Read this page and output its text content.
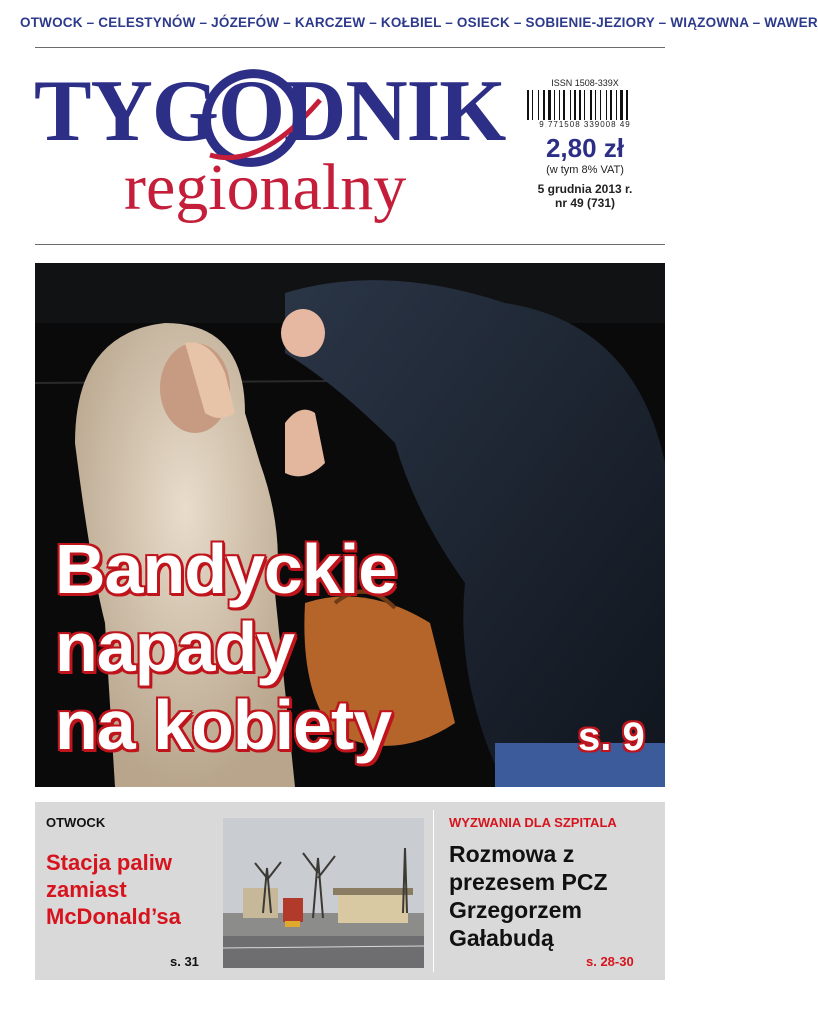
OTWOCK – CELESTYNÓW – JÓZEFÓW – KARCZEW – KOŁBIEL – OSIECK – SOBIENIE-JEZIORY – WIĄZOWNA – WAWER
TYGODNIK
regionalny
ISSN 1508-339X
9 771508 339008 49
2,80 zł
(w tym 8% VAT)
5 grudnia 2013 r.
nr 49 (731)
Bandyckie
napady
na kobiety	s. 9
OTWOCK
Stacja paliw zamiast McDonald’sa
s. 31
WYZWANIA DLA SZPITALA
Rozmowa z prezesem PCZ Grzegorzem Gałabudą
s. 28-30
